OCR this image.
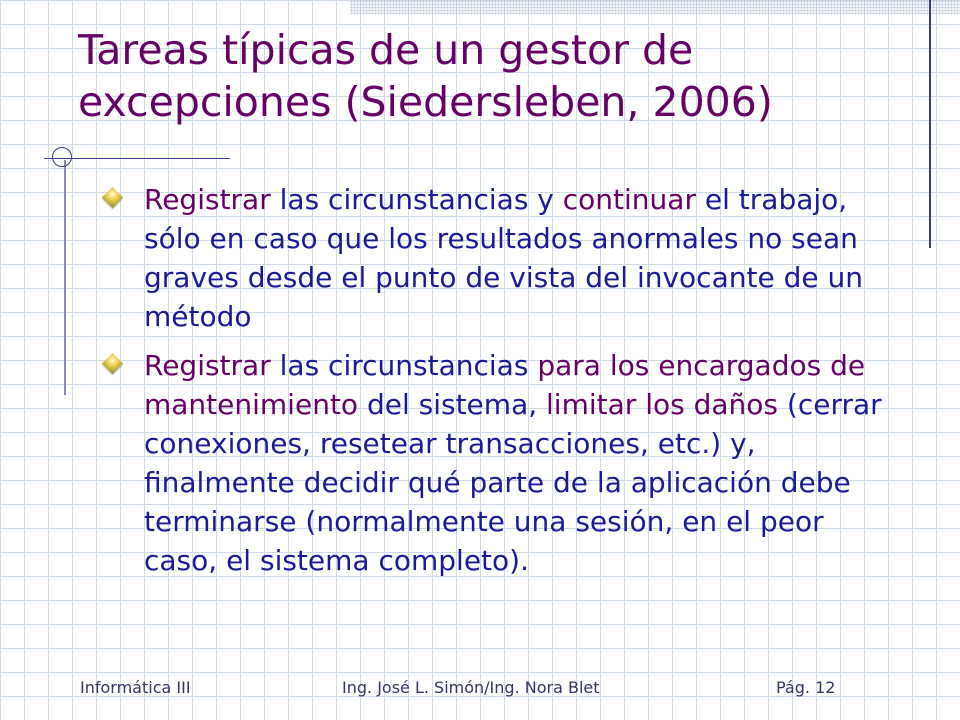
Tareas típicas de un gestor de excepciones (Siedersleben, 2006)
Registrar las circunstancias y continuar el trabajo, sólo en caso que los resultados anormales no sean graves desde el punto de vista del invocante de un método
Registrar las circunstancias para los encargados de mantenimiento del sistema, limitar los daños (cerrar conexiones, resetear transacciones, etc.) y, finalmente decidir qué parte de la aplicación debe terminarse (normalmente una sesión, en el peor caso, el sistema completo).
Informática III	Ing. José L. Simón/Ing. Nora Blet	Pág. 12
